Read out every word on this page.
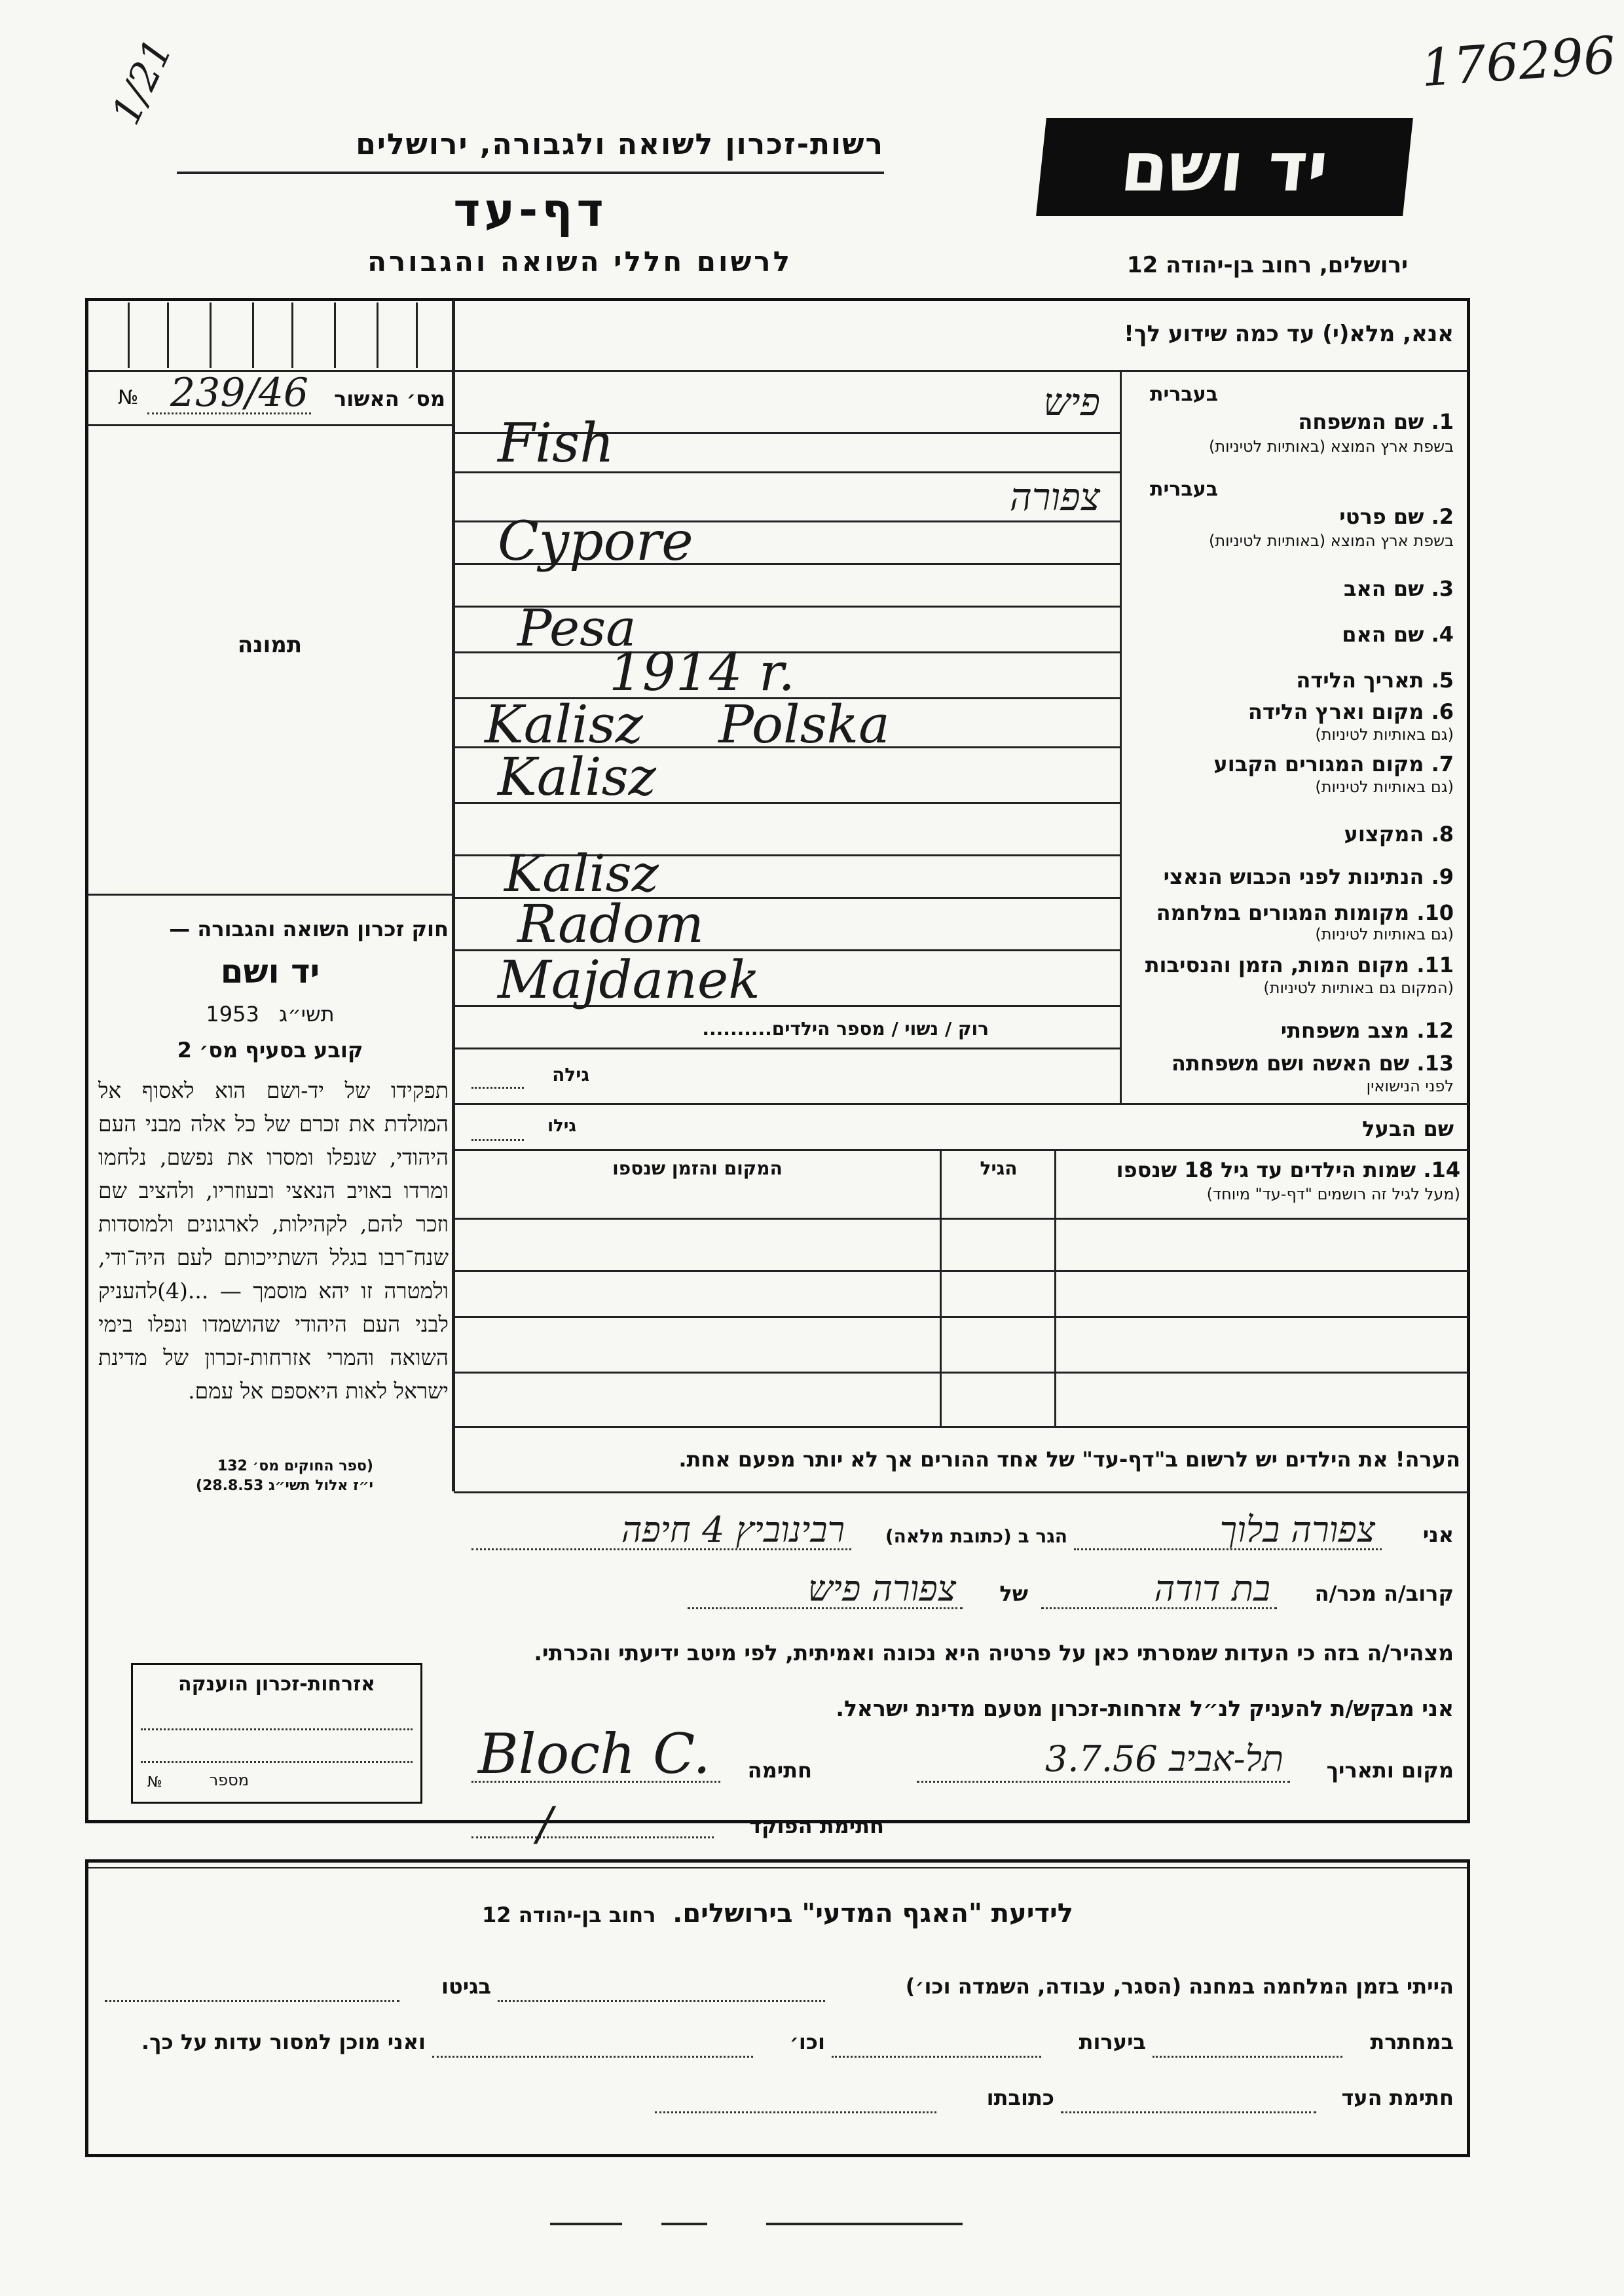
176296
1/21
רשות-זכרון לשואה ולגבורה, ירושלים
דף-עד
לרשום חללי השואה והגבורה
יד ושם
ירושלים, רחוב בן-יהודה 12
№ 239/46	מס׳ האשור
תמונה
חוק זכרון השואה והגבורה —
יד ושם
1953 תשי״ג
קובע בסעיף מס׳ 2
תפקידו של יד-ושם הוא לאסוף אל המולדת את זכרם של כל אלה מבני העם היהודי, שנפלו ומסרו את נפשם, נלחמו ומרדו באויב הנאצי ובעוזריו, ולהציב שם וזכר להם, לקהילות, לארגונים ולמוסדות שנח־רבו בגלל השתייכותם לעם היה־ודי, ולמטרה זו יהא מוסמך — ...(4)להעניק לבני העם היהודי שהושמדו ונפלו בימי השואה והמרי אזרחות-זכרון של מדינת ישראל לאות היאספם אל עמם.
(ספר החוקים מס׳ 132
י״ז אלול תשי״ג 28.8.53)
אזרחות-זכרון הוענקה
№	מספר
אנא, מלא(י) עד כמה שידוע לך!
בעברית
1. שם המשפחה
בשפת ארץ המוצא (באותיות לטיניות)
פיש
Fish
בעברית
2. שם פרטי
בשפת ארץ המוצא (באותיות לטיניות)
צפורה
Cypore
3. שם האב
4. שם האם
Pesa
5. תאריך הלידה
1914 r.
6. מקום וארץ הלידה
(גם באותיות לטיניות)
Kalisz Polska
7. מקום המגורים הקבוע
(גם באותיות לטיניות)
Kalisz
8. המקצוע
9. הנתינות לפני הכבוש הנאצי
Kalisz
10. מקומות המגורים במלחמה
(גם באותיות לטיניות)
Radom
11. מקום המות, הזמן והנסיבות
(המקום גם באותיות לטיניות)
Majdanek
12. מצב משפחתי
רוק / נשוי / מספר הילדים..........
13. שם האשה ושם משפחתה
לפני הנישואין
גילה
שם הבעל
גילו
14. שמות הילדים עד גיל 18 שנספו
(מעל לגיל זה רושמים "דף-עד" מיוחד)
הגיל
המקום והזמן שנספו
הערה! את הילדים יש לרשום ב"דף-עד" של אחד ההורים אך לא יותר מפעם אחת.
אני
צפורה בלוך
הגר ב (כתובת מלאה)
רבינוביץ 4 חיפה
קרוב/ה מכר/ה
בת דודה
של
צפורה פיש
מצהיר/ה בזה כי העדות שמסרתי כאן על פרטיה היא נכונה ואמיתית, לפי מיטב ידיעתי והכרתי.
אני מבקש/ת להעניק לנ״ל אזרחות-זכרון מטעם מדינת ישראל.
מקום ותאריך
תל-אביב 3.7.56
חתימה
Bloch C.
חתימת הפוקד
/
לידיעת "האגף המדעי" בירושלים. רחוב בן-יהודה 12
הייתי בזמן המלחמה במחנה (הסגר, עבודה, השמדה וכו׳)
בגיטו
במחתרת
ביערות
וכו׳
ואני מוכן למסור עדות על כך.
חתימת העד
כתובתו
